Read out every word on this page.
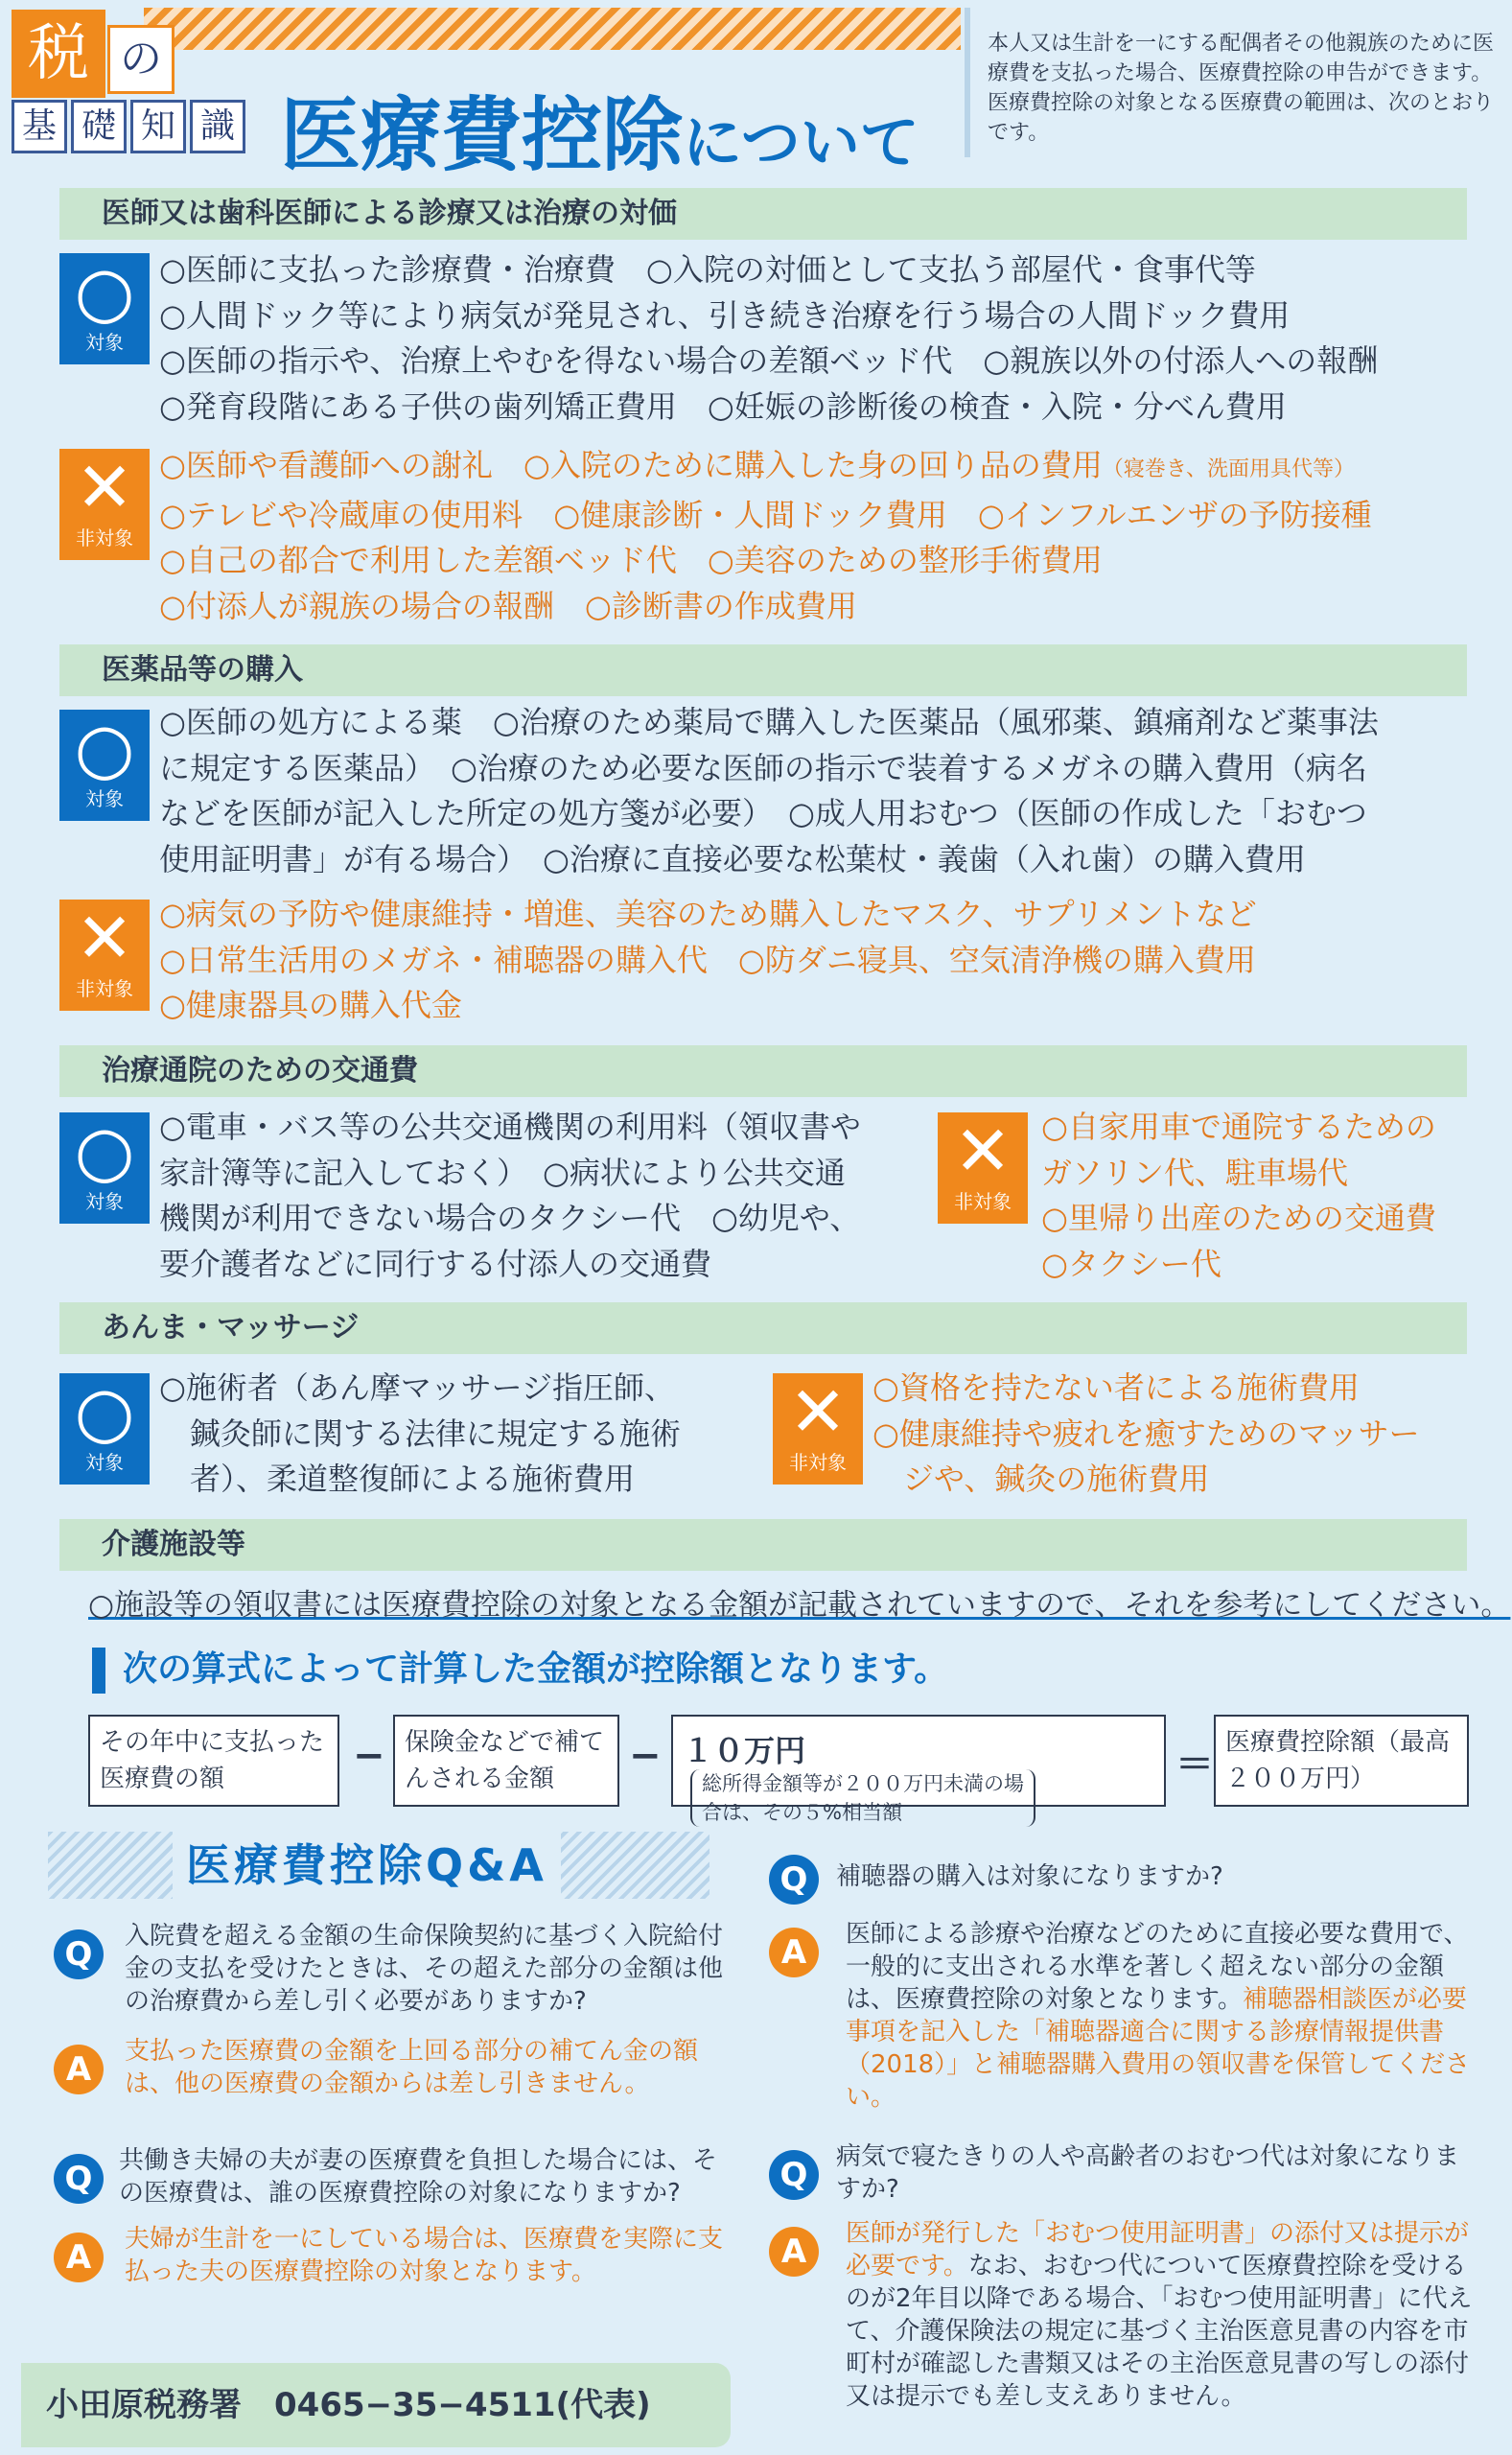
税 の
基 礎 知 識 医療費控除について
本人又は生計を一にする配偶者その他親族のために医療費を支払った場合、医療費控除の申告ができます。医療費控除の対象となる医療費の範囲は、次のとおりです。
医師又は歯科医師による診療又は治療の対価
○
対象
○医師に支払った診療費・治療費　○入院の対価として支払う部屋代・食事代等
○人間ドック等により病気が発見され、引き続き治療を行う場合の人間ドック費用
○医師の指示や、治療上やむを得ない場合の差額ベッド代　○親族以外の付添人への報酬
○発育段階にある子供の歯列矯正費用　○妊娠の診断後の検査・入院・分べん費用
✕
非対象
○医師や看護師への謝礼　○入院のために購入した身の回り品の費用（寝巻き、洗面用具代等）
○テレビや冷蔵庫の使用料　○健康診断・人間ドック費用　○インフルエンザの予防接種
○自己の都合で利用した差額ベッド代　○美容のための整形手術費用
○付添人が親族の場合の報酬　○診断書の作成費用
医薬品等の購入
○
対象
○医師の処方による薬　○治療のため薬局で購入した医薬品（風邪薬、鎮痛剤など薬事法
に規定する医薬品）　○治療のため必要な医師の指示で装着するメガネの購入費用（病名
などを医師が記入した所定の処方箋が必要）　○成人用おむつ（医師の作成した「おむつ
使用証明書」が有る場合）　○治療に直接必要な松葉杖・義歯（入れ歯）の購入費用
✕
非対象
○病気の予防や健康維持・増進、美容のため購入したマスク、サプリメントなど
○日常生活用のメガネ・補聴器の購入代　○防ダニ寝具、空気清浄機の購入費用
○健康器具の購入代金
治療通院のための交通費
○
対象
○電車・バス等の公共交通機関の利用料（領収書や
家計簿等に記入しておく）　○病状により公共交通
機関が利用できない場合のタクシー代　○幼児や、
要介護者などに同行する付添人の交通費
✕
非対象
○自家用車で通院するための
ガソリン代、駐車場代
○里帰り出産のための交通費
○タクシー代
あんま・マッサージ
○
対象
○施術者（あん摩マッサージ指圧師、
　鍼灸師に関する法律に規定する施術
　者）、柔道整復師による施術費用
✕
非対象
○資格を持たない者による施術費用
○健康維持や疲れを癒すためのマッサー
　ジや、鍼灸の施術費用
介護施設等
○施設等の領収書には医療費控除の対象となる金額が記載されていますので、それを参考にしてください。
次の算式によって計算した金額が控除額となります。
その年中に支払った医療費の額
− 保険金などで補てんされる金額
− １０万円総所得金額等が２００万円未満の場合は、その５%相当額
＝ 医療費控除額（最高２００万円）
医療費控除Q&A
Q	入院費を超える金額の生命保険契約に基づく入院給付金の支払を受けたときは、その超えた部分の金額は他の治療費から差し引く必要がありますか?
A	支払った医療費の金額を上回る部分の補てん金の額は、他の医療費の金額からは差し引きません。
Q	共働き夫婦の夫が妻の医療費を負担した場合には、その医療費は、誰の医療費控除の対象になりますか?
A	夫婦が生計を一にしている場合は、医療費を実際に支払った夫の医療費控除の対象となります。
Q	補聴器の購入は対象になりますか?
A	医師による診療や治療などのために直接必要な費用で、一般的に支出される水準を著しく超えない部分の金額は、医療費控除の対象となります。補聴器相談医が必要事項を記入した「補聴器適合に関する診療情報提供書（2018）」と補聴器購入費用の領収書を保管してください。
Q	病気で寝たきりの人や高齢者のおむつ代は対象になりますか?
A	医師が発行した「おむつ使用証明書」の添付又は提示が必要です。なお、おむつ代について医療費控除を受けるのが2年目以降である場合、「おむつ使用証明書」に代えて、介護保険法の規定に基づく主治医意見書の内容を市町村が確認した書類又はその主治医意見書の写しの添付又は提示でも差し支えありません。
小田原税務署　 0465−35−4511(代表)
